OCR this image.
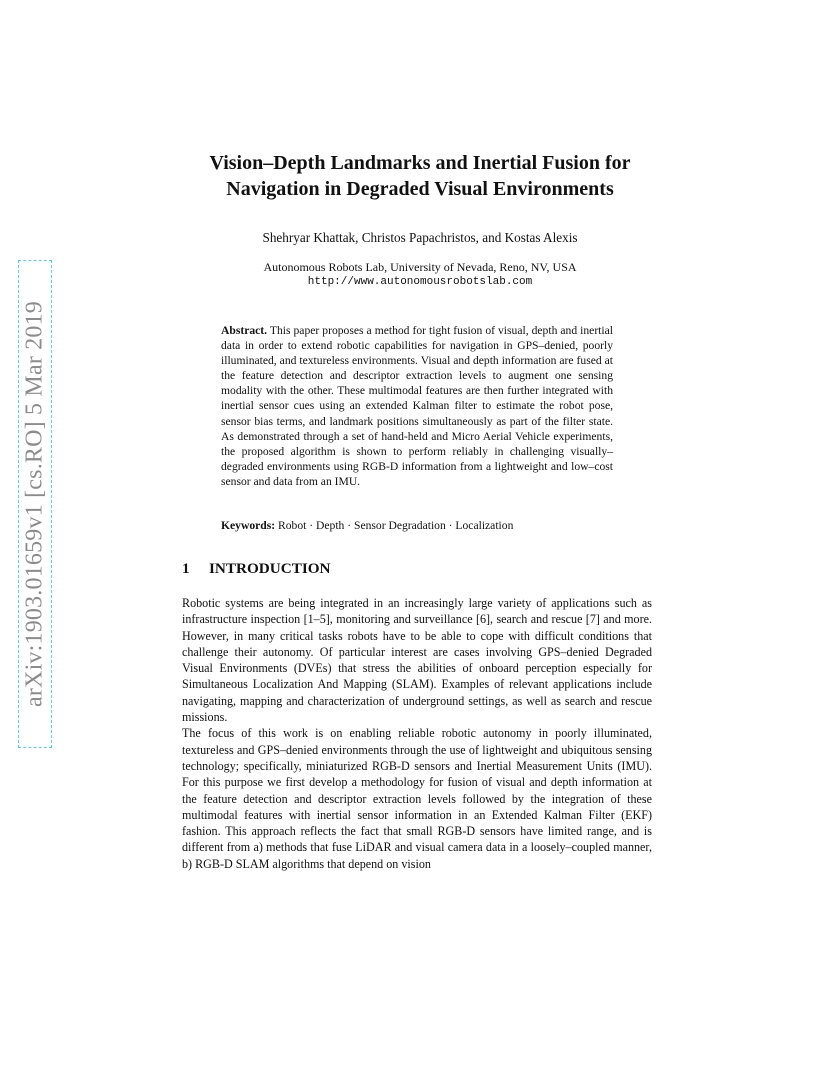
arXiv:1903.01659v1 [cs.RO] 5 Mar 2019
Vision–Depth Landmarks and Inertial Fusion for
Navigation in Degraded Visual Environments
Shehryar Khattak, Christos Papachristos, and Kostas Alexis
Autonomous Robots Lab, University of Nevada, Reno, NV, USA
http://www.autonomousrobotslab.com
Abstract. This paper proposes a method for tight fusion of visual, depth and inertial data in order to extend robotic capabilities for navigation in GPS–denied, poorly illuminated, and textureless environments. Visual and depth information are fused at the feature detection and descriptor extraction levels to augment one sensing modality with the other. These multimodal features are then further integrated with inertial sensor cues using an extended Kalman filter to estimate the robot pose, sensor bias terms, and landmark positions simultaneously as part of the filter state. As demonstrated through a set of hand-held and Micro Aerial Vehicle experiments, the proposed algorithm is shown to perform reliably in challenging visually–degraded environments using RGB-D information from a lightweight and low–cost sensor and data from an IMU.
Keywords: Robot · Depth · Sensor Degradation · Localization
1 INTRODUCTION

Robotic systems are being integrated in an increasingly large variety of applications such as infrastructure inspection [1–5], monitoring and surveillance [6], search and rescue [7] and more. However, in many critical tasks robots have to be able to cope with difficult conditions that challenge their autonomy. Of particular interest are cases involving GPS–denied Degraded Visual Environments (DVEs) that stress the abilities of onboard perception especially for Simultaneous Localization And Mapping (SLAM). Examples of relevant applications include navigating, mapping and characterization of underground settings, as well as search and rescue missions.

The focus of this work is on enabling reliable robotic autonomy in poorly illuminated, textureless and GPS–denied environments through the use of lightweight and ubiquitous sensing technology; specifically, miniaturized RGB-D sensors and Inertial Measurement Units (IMU). For this purpose we first develop a methodology for fusion of visual and depth information at the feature detection and descriptor extraction levels followed by the integration of these multimodal features with inertial sensor information in an Extended Kalman Filter (EKF) fashion. This approach reflects the fact that small RGB-D sensors have limited range, and is different from a) methods that fuse LiDAR and visual camera data in a loosely–coupled manner, b) RGB-D SLAM algorithms that depend on vision
